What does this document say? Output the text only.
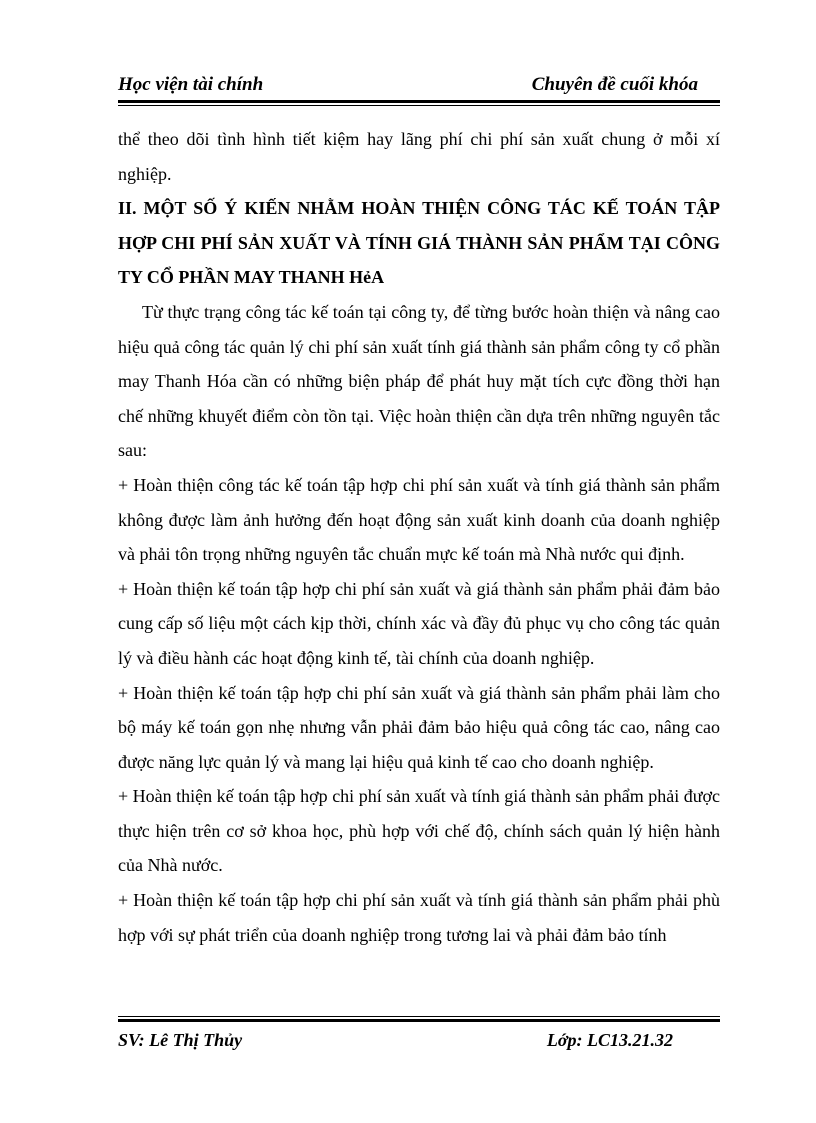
Học viện tài chính	Chuyên đề cuối khóa

thể theo dõi tình hình tiết kiệm hay lãng phí chi phí sản xuất chung ở mỗi xí nghiệp.

II. MỘT SỐ Ý KIẾN NHẰM HOÀN THIỆN CÔNG TÁC KẾ TOÁN TẬP HỢP CHI PHÍ SẢN XUẤT VÀ TÍNH GIÁ THÀNH SẢN PHẨM TẠI CÔNG TY CỔ PHẦN MAY THANH HẻA

Từ thực trạng công tác kế toán tại công ty, để từng bước hoàn thiện và nâng cao hiệu quả công tác quản lý chi phí sản xuất tính giá thành sản phẩm công ty cổ phần may Thanh Hóa cần có những biện pháp để phát huy mặt tích cực đồng thời hạn chế những khuyết điểm còn tồn tại. Việc hoàn thiện cần dựa trên những nguyên tắc sau:

+ Hoàn thiện công tác kế toán tập hợp chi phí sản xuất và tính giá thành sản phẩm không được làm ảnh hưởng đến hoạt động sản xuất kinh doanh của doanh nghiệp và phải tôn trọng những nguyên tắc chuẩn mực kế toán mà Nhà nước qui định.

+ Hoàn thiện kế toán tập hợp chi phí sản xuất và giá thành sản phẩm phải đảm bảo cung cấp số liệu một cách kịp thời, chính xác và đầy đủ phục vụ cho công tác quản lý và điều hành các hoạt động kinh tế, tài chính của doanh nghiệp.

+ Hoàn thiện kế toán tập hợp chi phí sản xuất và giá thành sản phẩm phải làm cho bộ máy kế toán gọn nhẹ nhưng vẫn phải đảm bảo hiệu quả công tác cao, nâng cao được năng lực quản lý và mang lại hiệu quả kinh tế cao cho doanh nghiệp.

+ Hoàn thiện kế toán tập hợp chi phí sản xuất và tính giá thành sản phẩm phải được thực hiện trên cơ sở khoa học, phù hợp với chế độ, chính sách quản lý hiện hành của Nhà nước.

+ Hoàn thiện kế toán tập hợp chi phí sản xuất và tính giá thành sản phẩm phải phù hợp với sự phát triển của doanh nghiệp trong tương lai và phải đảm bảo tính

SV: Lê Thị Thủy	Lớp: LC13.21.32
